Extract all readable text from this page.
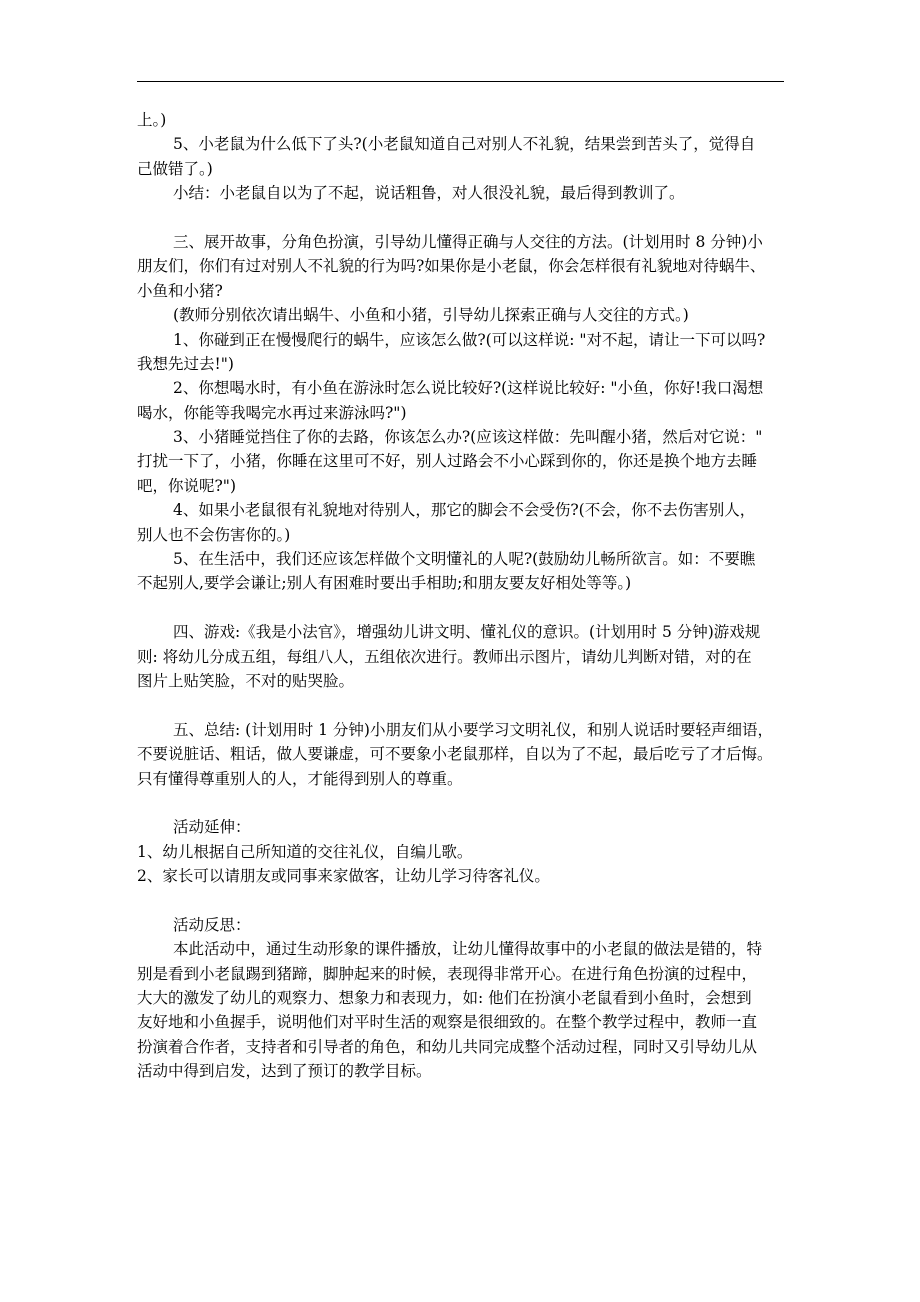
上。)
5、小老鼠为什么低下了头?(小老鼠知道自己对别人不礼貌，结果尝到苦头了，觉得自
己做错了。)
小结：小老鼠自以为了不起，说话粗鲁，对人很没礼貌，最后得到教训了。
三、展开故事，分角色扮演，引导幼儿懂得正确与人交往的方法。(计划用时 8 分钟)小
朋友们，你们有过对别人不礼貌的行为吗?如果你是小老鼠，你会怎样很有礼貌地对待蜗牛、
小鱼和小猪?
(教师分别依次请出蜗牛、小鱼和小猪，引导幼儿探索正确与人交往的方式。)
1、你碰到正在慢慢爬行的蜗牛，应该怎么做?(可以这样说: "对不起，请让一下可以吗?
我想先过去!")
2、你想喝水时，有小鱼在游泳时怎么说比较好?(这样说比较好: "小鱼，你好!我口渴想
喝水，你能等我喝完水再过来游泳吗?")
3、小猪睡觉挡住了你的去路，你该怎么办?(应该这样做：先叫醒小猪，然后对它说："
打扰一下了，小猪，你睡在这里可不好，别人过路会不小心踩到你的，你还是换个地方去睡
吧，你说呢?")
4、如果小老鼠很有礼貌地对待别人，那它的脚会不会受伤?(不会，你不去伤害别人，
别人也不会伤害你的。)
5、在生活中，我们还应该怎样做个文明懂礼的人呢?(鼓励幼儿畅所欲言。如：不要瞧
不起别人,要学会谦让;别人有困难时要出手相助;和朋友要友好相处等等。)
四、游戏:《我是小法官》，增强幼儿讲文明、懂礼仪的意识。(计划用时 5 分钟)游戏规
则: 将幼儿分成五组，每组八人，五组依次进行。教师出示图片，请幼儿判断对错，对的在
图片上贴笑脸，不对的贴哭脸。
五、总结: (计划用时 1 分钟)小朋友们从小要学习文明礼仪，和别人说话时要轻声细语，
不要说脏话、粗话，做人要谦虚，可不要象小老鼠那样，自以为了不起，最后吃亏了才后悔。
只有懂得尊重别人的人，才能得到别人的尊重。
活动延伸：
1、幼儿根据自己所知道的交往礼仪，自编儿歌。
2、家长可以请朋友或同事来家做客，让幼儿学习待客礼仪。
活动反思：
本此活动中，通过生动形象的课件播放，让幼儿懂得故事中的小老鼠的做法是错的，特
别是看到小老鼠踢到猪蹄，脚肿起来的时候，表现得非常开心。在进行角色扮演的过程中，
大大的激发了幼儿的观察力、想象力和表现力，如: 他们在扮演小老鼠看到小鱼时，会想到
友好地和小鱼握手，说明他们对平时生活的观察是很细致的。在整个教学过程中，教师一直
扮演着合作者，支持者和引导者的角色，和幼儿共同完成整个活动过程，同时又引导幼儿从
活动中得到启发，达到了预订的教学目标。
